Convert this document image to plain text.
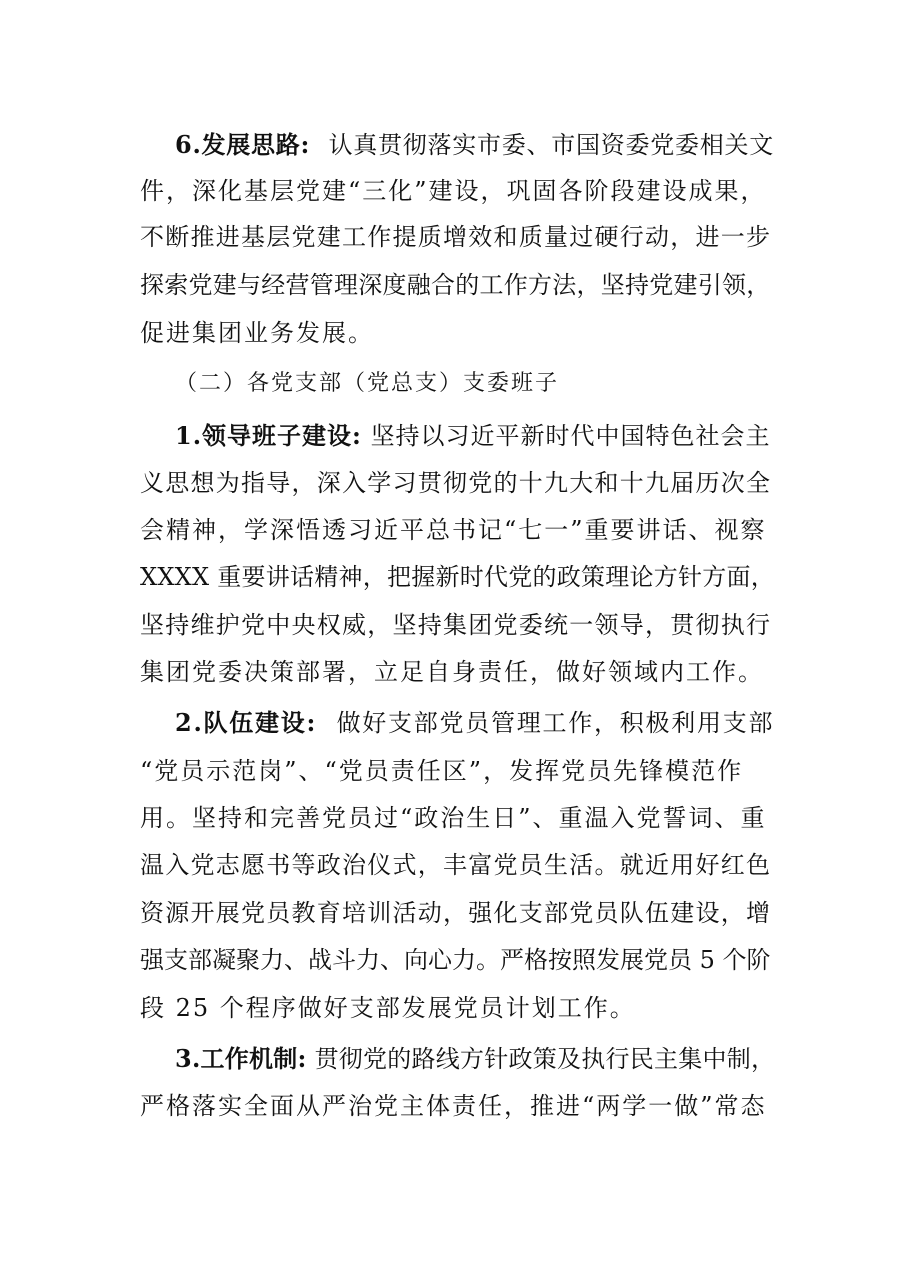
6.发展思路: 认真贯彻落实市委、市国资委党委相关文
件，深化基层党建“三化”建设，巩固各阶段建设成果，
不断推进基层党建工作提质增效和质量过硬行动，进一步
探索党建与经营管理深度融合的工作方法，坚持党建引领，
促进集团业务发展。
（二）各党支部（党总支）支委班子
1.领导班子建设: 坚持以习近平新时代中国特色社会主
义思想为指导，深入学习贯彻党的十九大和十九届历次全
会精神，学深悟透习近平总书记“七一”重要讲话、视察
XXXX 重要讲话精神，把握新时代党的政策理论方针方面，
坚持维护党中央权威，坚持集团党委统一领导，贯彻执行
集团党委决策部署，立足自身责任，做好领域内工作。
2.队伍建设: 做好支部党员管理工作，积极利用支部
“党员示范岗”、“党员责任区”，发挥党员先锋模范作
用。坚持和完善党员过“政治生日”、重温入党誓词、重
温入党志愿书等政治仪式，丰富党员生活。就近用好红色
资源开展党员教育培训活动，强化支部党员队伍建设，增
强支部凝聚力、战斗力、向心力。严格按照发展党员 5 个阶
段 25 个程序做好支部发展党员计划工作。
3.工作机制: 贯彻党的路线方针政策及执行民主集中制，
严格落实全面从严治党主体责任，推进“两学一做”常态
